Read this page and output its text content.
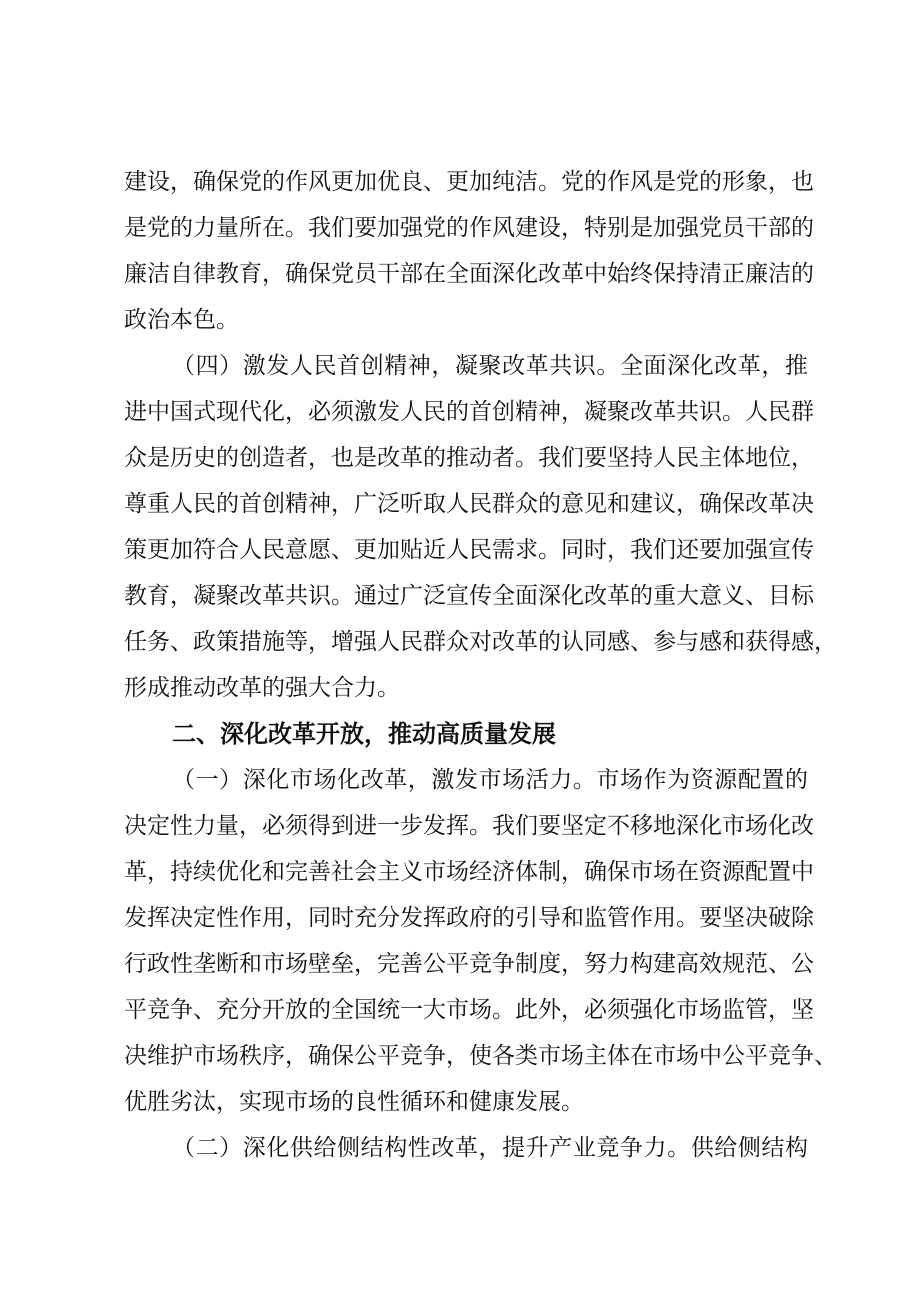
建设，确保党的作风更加优良、更加纯洁。党的作风是党的形象，也
是党的力量所在。我们要加强党的作风建设，特别是加强党员干部的
廉洁自律教育，确保党员干部在全面深化改革中始终保持清正廉洁的
政治本色。
（四）激发人民首创精神，凝聚改革共识。全面深化改革，推
进中国式现代化，必须激发人民的首创精神，凝聚改革共识。人民群
众是历史的创造者，也是改革的推动者。我们要坚持人民主体地位，
尊重人民的首创精神，广泛听取人民群众的意见和建议，确保改革决
策更加符合人民意愿、更加贴近人民需求。同时，我们还要加强宣传
教育，凝聚改革共识。通过广泛宣传全面深化改革的重大意义、目标
任务、政策措施等，增强人民群众对改革的认同感、参与感和获得感，
形成推动改革的强大合力。
二、深化改革开放，推动高质量发展
（一）深化市场化改革，激发市场活力。市场作为资源配置的
决定性力量，必须得到进一步发挥。我们要坚定不移地深化市场化改
革，持续优化和完善社会主义市场经济体制，确保市场在资源配置中
发挥决定性作用，同时充分发挥政府的引导和监管作用。要坚决破除
行政性垄断和市场壁垒，完善公平竞争制度，努力构建高效规范、公
平竞争、充分开放的全国统一大市场。此外，必须强化市场监管，坚
决维护市场秩序，确保公平竞争，使各类市场主体在市场中公平竞争、
优胜劣汰，实现市场的良性循环和健康发展。
（二）深化供给侧结构性改革，提升产业竞争力。供给侧结构
